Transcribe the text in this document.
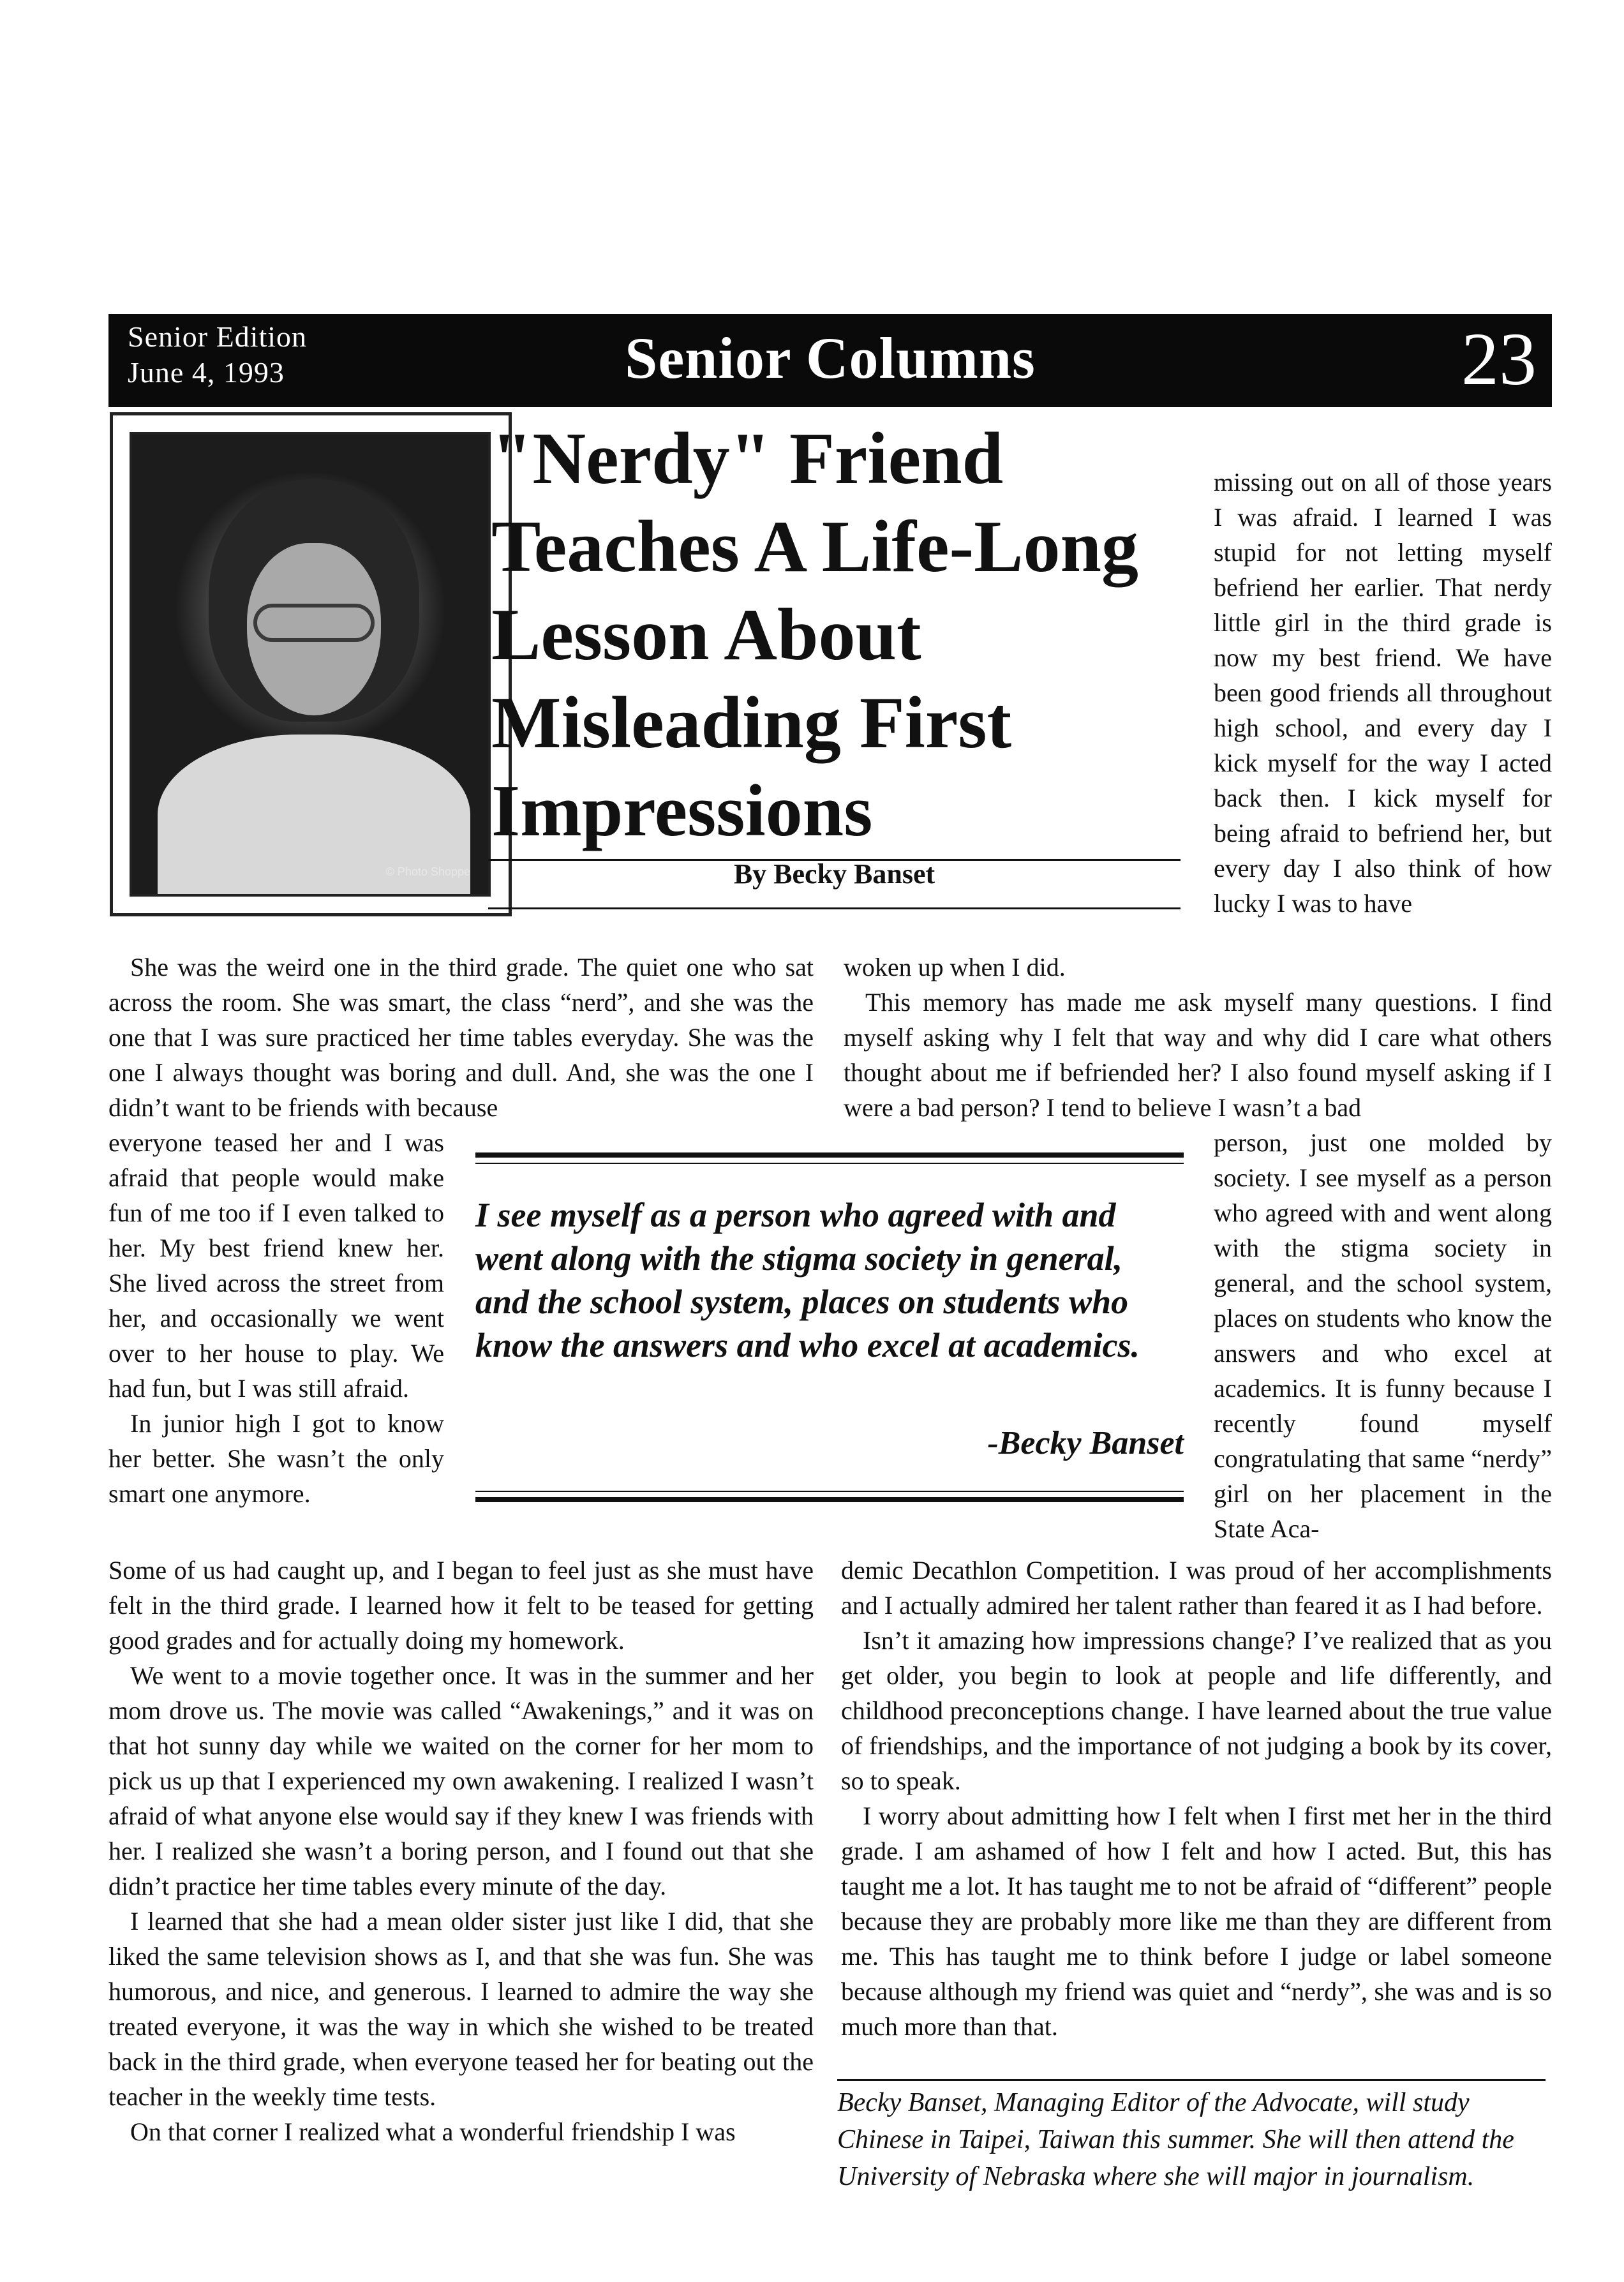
Senior Edition
June 4, 1993	Senior Columns	23
© Photo Shoppe
"Nerdy" Friend Teaches A Life-Long Lesson About Misleading First Impressions
By Becky Banset

missing out on all of those years I was afraid. I learned I was stupid for not letting myself befriend her earlier. That nerdy little girl in the third grade is now my best friend. We have been good friends all throughout high school, and every day I kick myself for the way I acted back then. I kick myself for being afraid to befriend her, but every day I also think of how lucky I was to have

She was the weird one in the third grade. The quiet one who sat across the room. She was smart, the class “nerd”, and she was the one that I was sure practiced her time tables everyday. She was the one I always thought was boring and dull. And, she was the one I didn’t want to be friends with because

woken up when I did.

This memory has made me ask myself many questions. I find myself asking why I felt that way and why did I care what others thought about me if befriended her? I also found myself asking if I were a bad person? I tend to believe I wasn’t a bad

everyone teased her and I was afraid that people would make fun of me too if I even talked to her. My best friend knew her. She lived across the street from her, and occasionally we went over to her house to play. We had fun, but I was still afraid.

In junior high I got to know her better. She wasn’t the only smart one anymore.

I see myself as a person who agreed with and went along with the stigma society in general, and the school system, places on students who know the answers and who excel at academics.
-Becky Banset

person, just one molded by society. I see myself as a person who agreed with and went along with the stigma society in general, and the school system, places on students who know the answers and who excel at academics. It is funny because I recently found myself congratulating that same “nerdy” girl on her placement in the State Aca-

Some of us had caught up, and I began to feel just as she must have felt in the third grade. I learned how it felt to be teased for getting good grades and for actually doing my homework.

We went to a movie together once. It was in the summer and her mom drove us. The movie was called “Awakenings,” and it was on that hot sunny day while we waited on the corner for her mom to pick us up that I experienced my own awakening. I realized I wasn’t afraid of what anyone else would say if they knew I was friends with her. I realized she wasn’t a boring person, and I found out that she didn’t practice her time tables every minute of the day.

I learned that she had a mean older sister just like I did, that she liked the same television shows as I, and that she was fun. She was humorous, and nice, and generous. I learned to admire the way she treated everyone, it was the way in which she wished to be treated back in the third grade, when everyone teased her for beating out the teacher in the weekly time tests.

On that corner I realized what a wonderful friendship I was

demic Decathlon Competition. I was proud of her accomplishments and I actually admired her talent rather than feared it as I had before.

Isn’t it amazing how impressions change? I’ve realized that as you get older, you begin to look at people and life differently, and childhood preconceptions change. I have learned about the true value of friendships, and the importance of not judging a book by its cover, so to speak.

I worry about admitting how I felt when I first met her in the third grade. I am ashamed of how I felt and how I acted. But, this has taught me a lot. It has taught me to not be afraid of “different” people because they are probably more like me than they are different from me. This has taught me to think before I judge or label someone because although my friend was quiet and “nerdy”, she was and is so much more than that.

Becky Banset, Managing Editor of the Advocate, will study Chinese in Taipei, Taiwan this summer. She will then attend the University of Nebraska where she will major in journalism.
